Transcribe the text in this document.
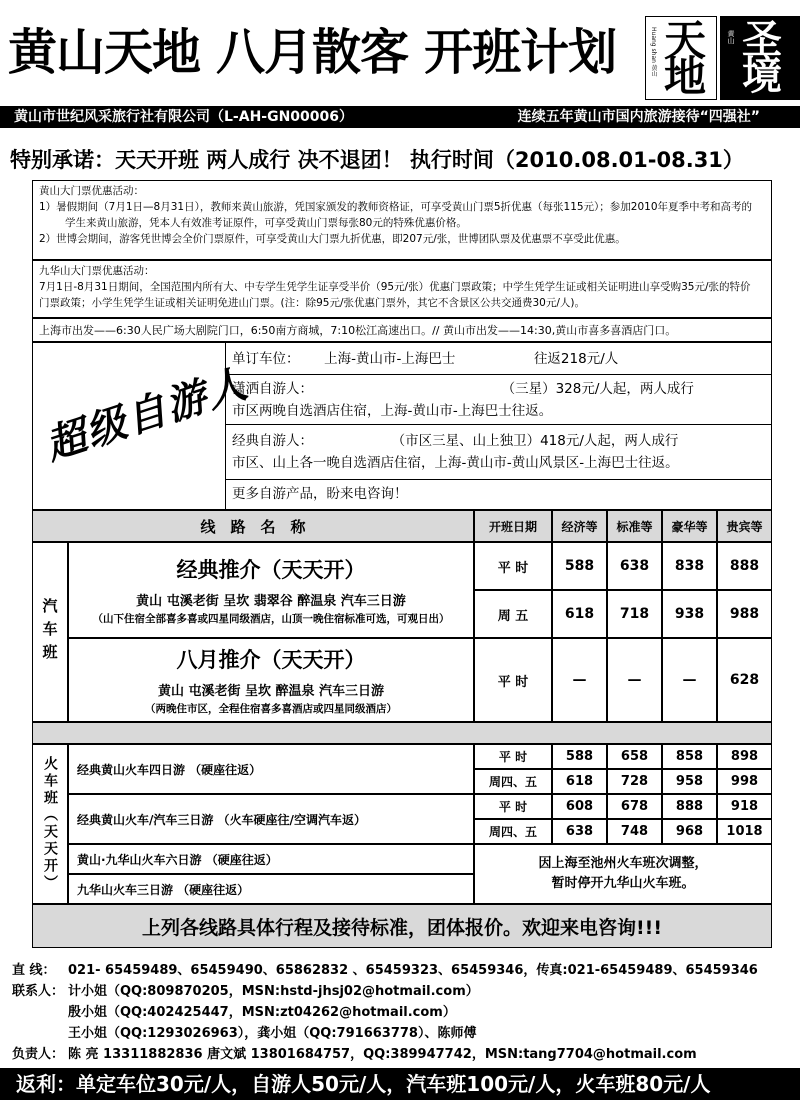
黄山天地 八月散客 开班计划	Huang shan 黄山 天地
黄山 圣境
黄山市世纪风采旅行社有限公司（L-AH-GN00006）	连续五年黄山市国内旅游接待“四强社”
特别承诺：天天开班 两人成行 决不退团！ 执行时间（2010.08.01-08.31）

黄山大门票优惠活动：

1）暑假期间（7月1日—8月31日），教师来黄山旅游，凭国家颁发的教师资格证，可享受黄山门票5折优惠（每张115元）；参加2010年夏季中考和高考的

学生来黄山旅游，凭本人有效准考证原件，可享受黄山门票每张80元的特殊优惠价格。

2）世博会期间，游客凭世博会全价门票原件，可享受黄山大门票九折优惠，即207元/张，世博团队票及优惠票不享受此优惠。

九华山大门票优惠活动：

7月1日-8月31日期间，全国范围内所有大、中专学生凭学生证享受半价（95元/张）优惠门票政策；中学生凭学生证或相关证明进山享受购35元/张的特价

门票政策；小学生凭学生证或相关证明免进山门票。(注：除95元/张优惠门票外，其它不含景区公共交通费30元/人)。

上海市出发——6:30人民广场大剧院门口，6:50南方商城，7:10松江高速出口。// 黄山市出发——14:30,黄山市喜多喜酒店门口。
超级自游人
单订车位： 上海-黄山市-上海巴士	往返218元/人
潇洒自游人：	（三星）328元/人起，两人成行
市区两晚自选酒店住宿，上海-黄山市-上海巴士往返。
经典自游人：	（市区三星、山上独卫）418元/人起，两人成行
市区、山上各一晚自选酒店住宿，上海-黄山市-黄山风景区-上海巴士往返。
更多自游产品，盼来电咨询！
线　路　名　称	开班日期	经济等	标准等	豪华等	贵宾等
汽车班
经典推介（天天开）
黄山 屯溪老街 呈坎 翡翠谷 醉温泉 汽车三日游
（山下住宿全部喜多喜或四星同级酒店，山顶一晚住宿标准可选，可观日出）
平 时	588	638	838	888
周 五	618	718	938	988
八月推介（天天开）
黄山 屯溪老街 呈坎 醉温泉 汽车三日游
（两晚住市区，全程住宿喜多喜酒店或四星同级酒店）
平 时	—	—	—	628
火车班（天天开）	经典黄山火车四日游 （硬座往返）
平 时	588	658	858	898
周四、五	618	728	958	998
经典黄山火车/汽车三日游 （火车硬座往/空调汽车返）
平 时	608	678	888	918
周四、五	638	748	968	1018
黄山·九华山火车六日游 （硬座往返）
九华山火车三日游 （硬座往返）
因上海至池州火车班次调整，
暂时停开九华山火车班。
上列各线路具体行程及接待标准，团体报价。欢迎来电咨询!!!
直 线： 021- 65459489、65459490、65862832 、65459323、65459346，传真:021-65459489、65459346
联系人： 计小姐（QQ:809870205，MSN:hstd-jhsj02@hotmail.com）
殷小姐（QQ:402425447，MSN:zt04262@hotmail.com）
王小姐（QQ:1293026963），龚小姐（QQ:791663778）、陈师傅
负责人： 陈 亮 13311882836 唐文斌 13801684757，QQ:389947742，MSN:tang7704@hotmail.com
返利：单定车位30元/人，自游人50元/人，汽车班100元/人，火车班80元/人
